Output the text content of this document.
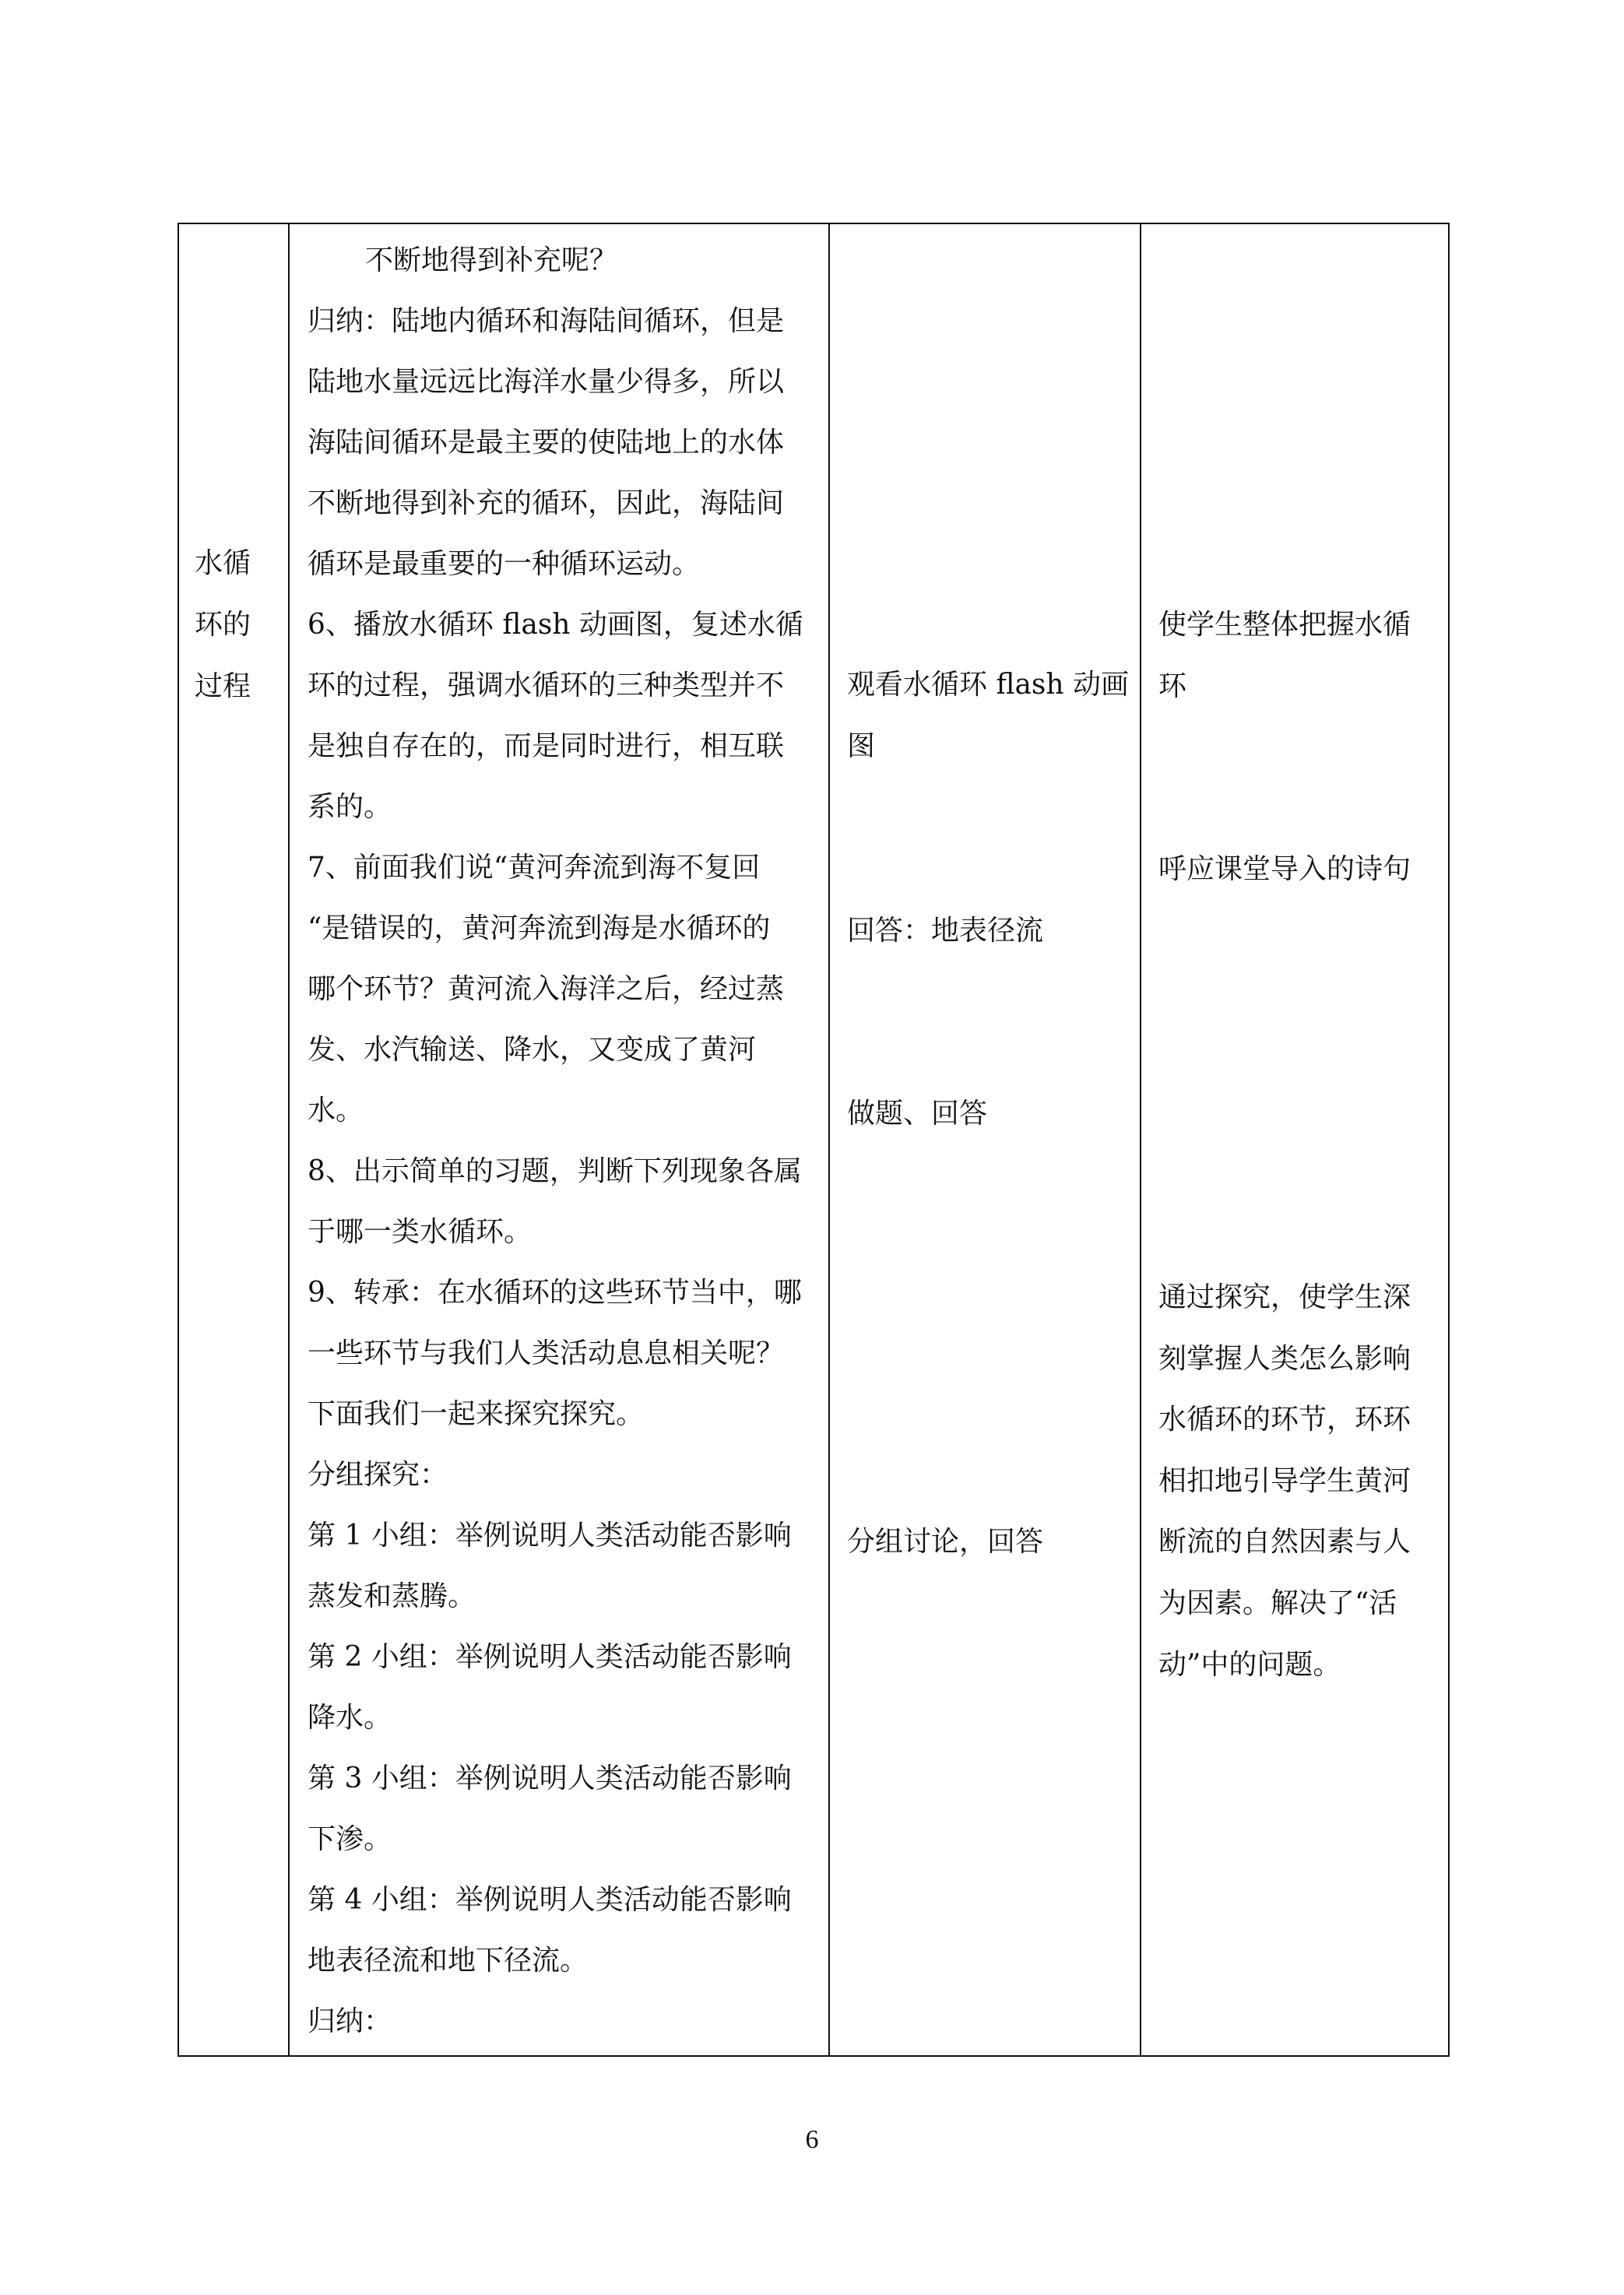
水循
环的
过程
不断地得到补充呢？
归纳：陆地内循环和海陆间循环，但是
陆地水量远远比海洋水量少得多，所以
海陆间循环是最主要的使陆地上的水体
不断地得到补充的循环，因此，海陆间
循环是最重要的一种循环运动。
6、播放水循环 flash 动画图，复述水循
环的过程，强调水循环的三种类型并不
是独自存在的，而是同时进行，相互联
系的。
7、前面我们说“黄河奔流到海不复回
“是错误的，黄河奔流到海是水循环的
哪个环节？黄河流入海洋之后，经过蒸
发、水汽输送、降水，又变成了黄河
水。
8、出示简单的习题，判断下列现象各属
于哪一类水循环。
9、转承：在水循环的这些环节当中，哪
一些环节与我们人类活动息息相关呢？
下面我们一起来探究探究。
分组探究：
第 1 小组：举例说明人类活动能否影响
蒸发和蒸腾。
第 2 小组：举例说明人类活动能否影响
降水。
第 3 小组：举例说明人类活动能否影响
下渗。
第 4 小组：举例说明人类活动能否影响
地表径流和地下径流。
归纳：
观看水循环 flash 动画
图
回答：地表径流
做题、回答
分组讨论，回答
使学生整体把握水循
环
呼应课堂导入的诗句
通过探究，使学生深
刻掌握人类怎么影响
水循环的环节，环环
相扣地引导学生黄河
断流的自然因素与人
为因素。解决了“活
动”中的问题。
6
